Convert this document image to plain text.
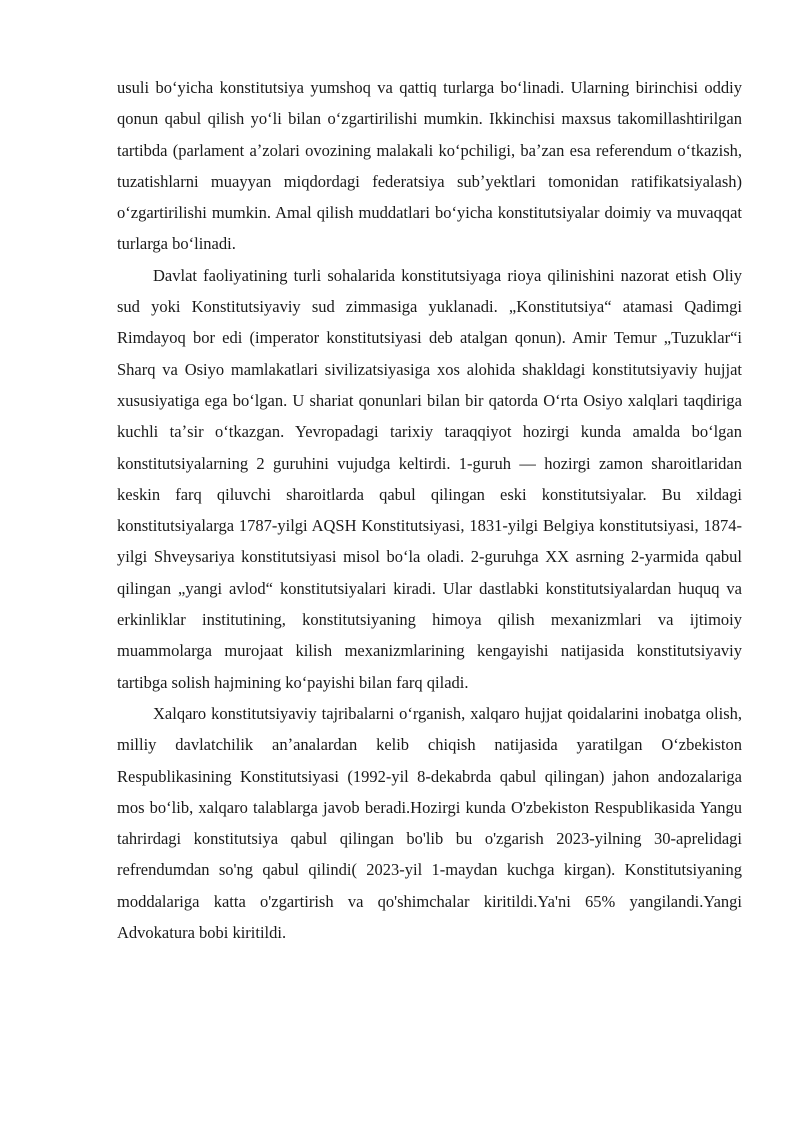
usuli boʻyicha konstitutsiya yumshoq va qattiq turlarga boʻlinadi. Ularning birinchisi oddiy qonun qabul qilish yoʻli bilan oʻzgartirilishi mumkin. Ikkinchisi maxsus takomillashtirilgan tartibda (parlament aʼzolari ovozining malakali koʻpchiligi, baʼzan esa referendum oʻtkazish, tuzatishlarni muayyan miqdordagi federatsiya subʼyektlari tomonidan ratifikatsiyalash) oʻzgartirilishi mumkin. Amal qilish muddatlari boʻyicha konstitutsiyalar doimiy va muvaqqat turlarga boʻlinadi.

Davlat faoliyatining turli sohalarida konstitutsiyaga rioya qilinishini nazorat etish Oliy sud yoki Konstitutsiyaviy sud zimmasiga yuklanadi. „Konstitutsiya“ atamasi Qadimgi Rimdayoq bor edi (imperator konstitutsiyasi deb atalgan qonun). Amir Temur „Tuzuklar“i Sharq va Osiyo mamlakatlari sivilizatsiyasiga xos alohida shakldagi konstitutsiyaviy hujjat xususiyatiga ega boʻlgan. U shariat qonunlari bilan bir qatorda Oʻrta Osiyo xalqlari taqdiriga kuchli taʼsir oʻtkazgan. Yevropadagi tarixiy taraqqiyot hozirgi kunda amalda boʻlgan konstitutsiyalarning 2 guruhini vujudga keltirdi. 1-guruh — hozirgi zamon sharoitlaridan keskin farq qiluvchi sharoitlarda qabul qilingan eski konstitutsiyalar. Bu xildagi konstitutsiyalarga 1787-yilgi AQSH Konstitutsiyasi, 1831-yilgi Belgiya konstitutsiyasi, 1874-yilgi Shveysariya konstitutsiyasi misol boʻla oladi. 2-guruhga XX asrning 2-yarmida qabul qilingan „yangi avlod“ konstitutsiyalari kiradi. Ular dastlabki konstitutsiyalardan huquq va erkinliklar institutining, konstitutsiyaning himoya qilish mexanizmlari va ijtimoiy muammolarga murojaat kilish mexanizmlarining kengayishi natijasida konstitutsiyaviy tartibga solish hajmining koʻpayishi bilan farq qiladi.

Xalqaro konstitutsiyaviy tajribalarni oʻrganish, xalqaro hujjat qoidalarini inobatga olish, milliy davlatchilik anʼanalardan kelib chiqish natijasida yaratilgan Oʻzbekiston Respublikasining Konstitutsiyasi (1992-yil 8-dekabrda qabul qilingan) jahon andozalariga mos boʻlib, xalqaro talablarga javob beradi.Hozirgi kunda O'zbekiston Respublikasida Yangu tahrirdagi konstitutsiya qabul qilingan bo'lib bu o'zgarish 2023-yilning 30-aprelidagi refrendumdan so'ng qabul qilindi( 2023-yil 1-maydan kuchga kirgan). Konstitutsiyaning moddalariga katta o'zgartirish va qo'shimchalar kiritildi.Ya'ni 65% yangilandi.Yangi Advokatura bobi kiritildi.
